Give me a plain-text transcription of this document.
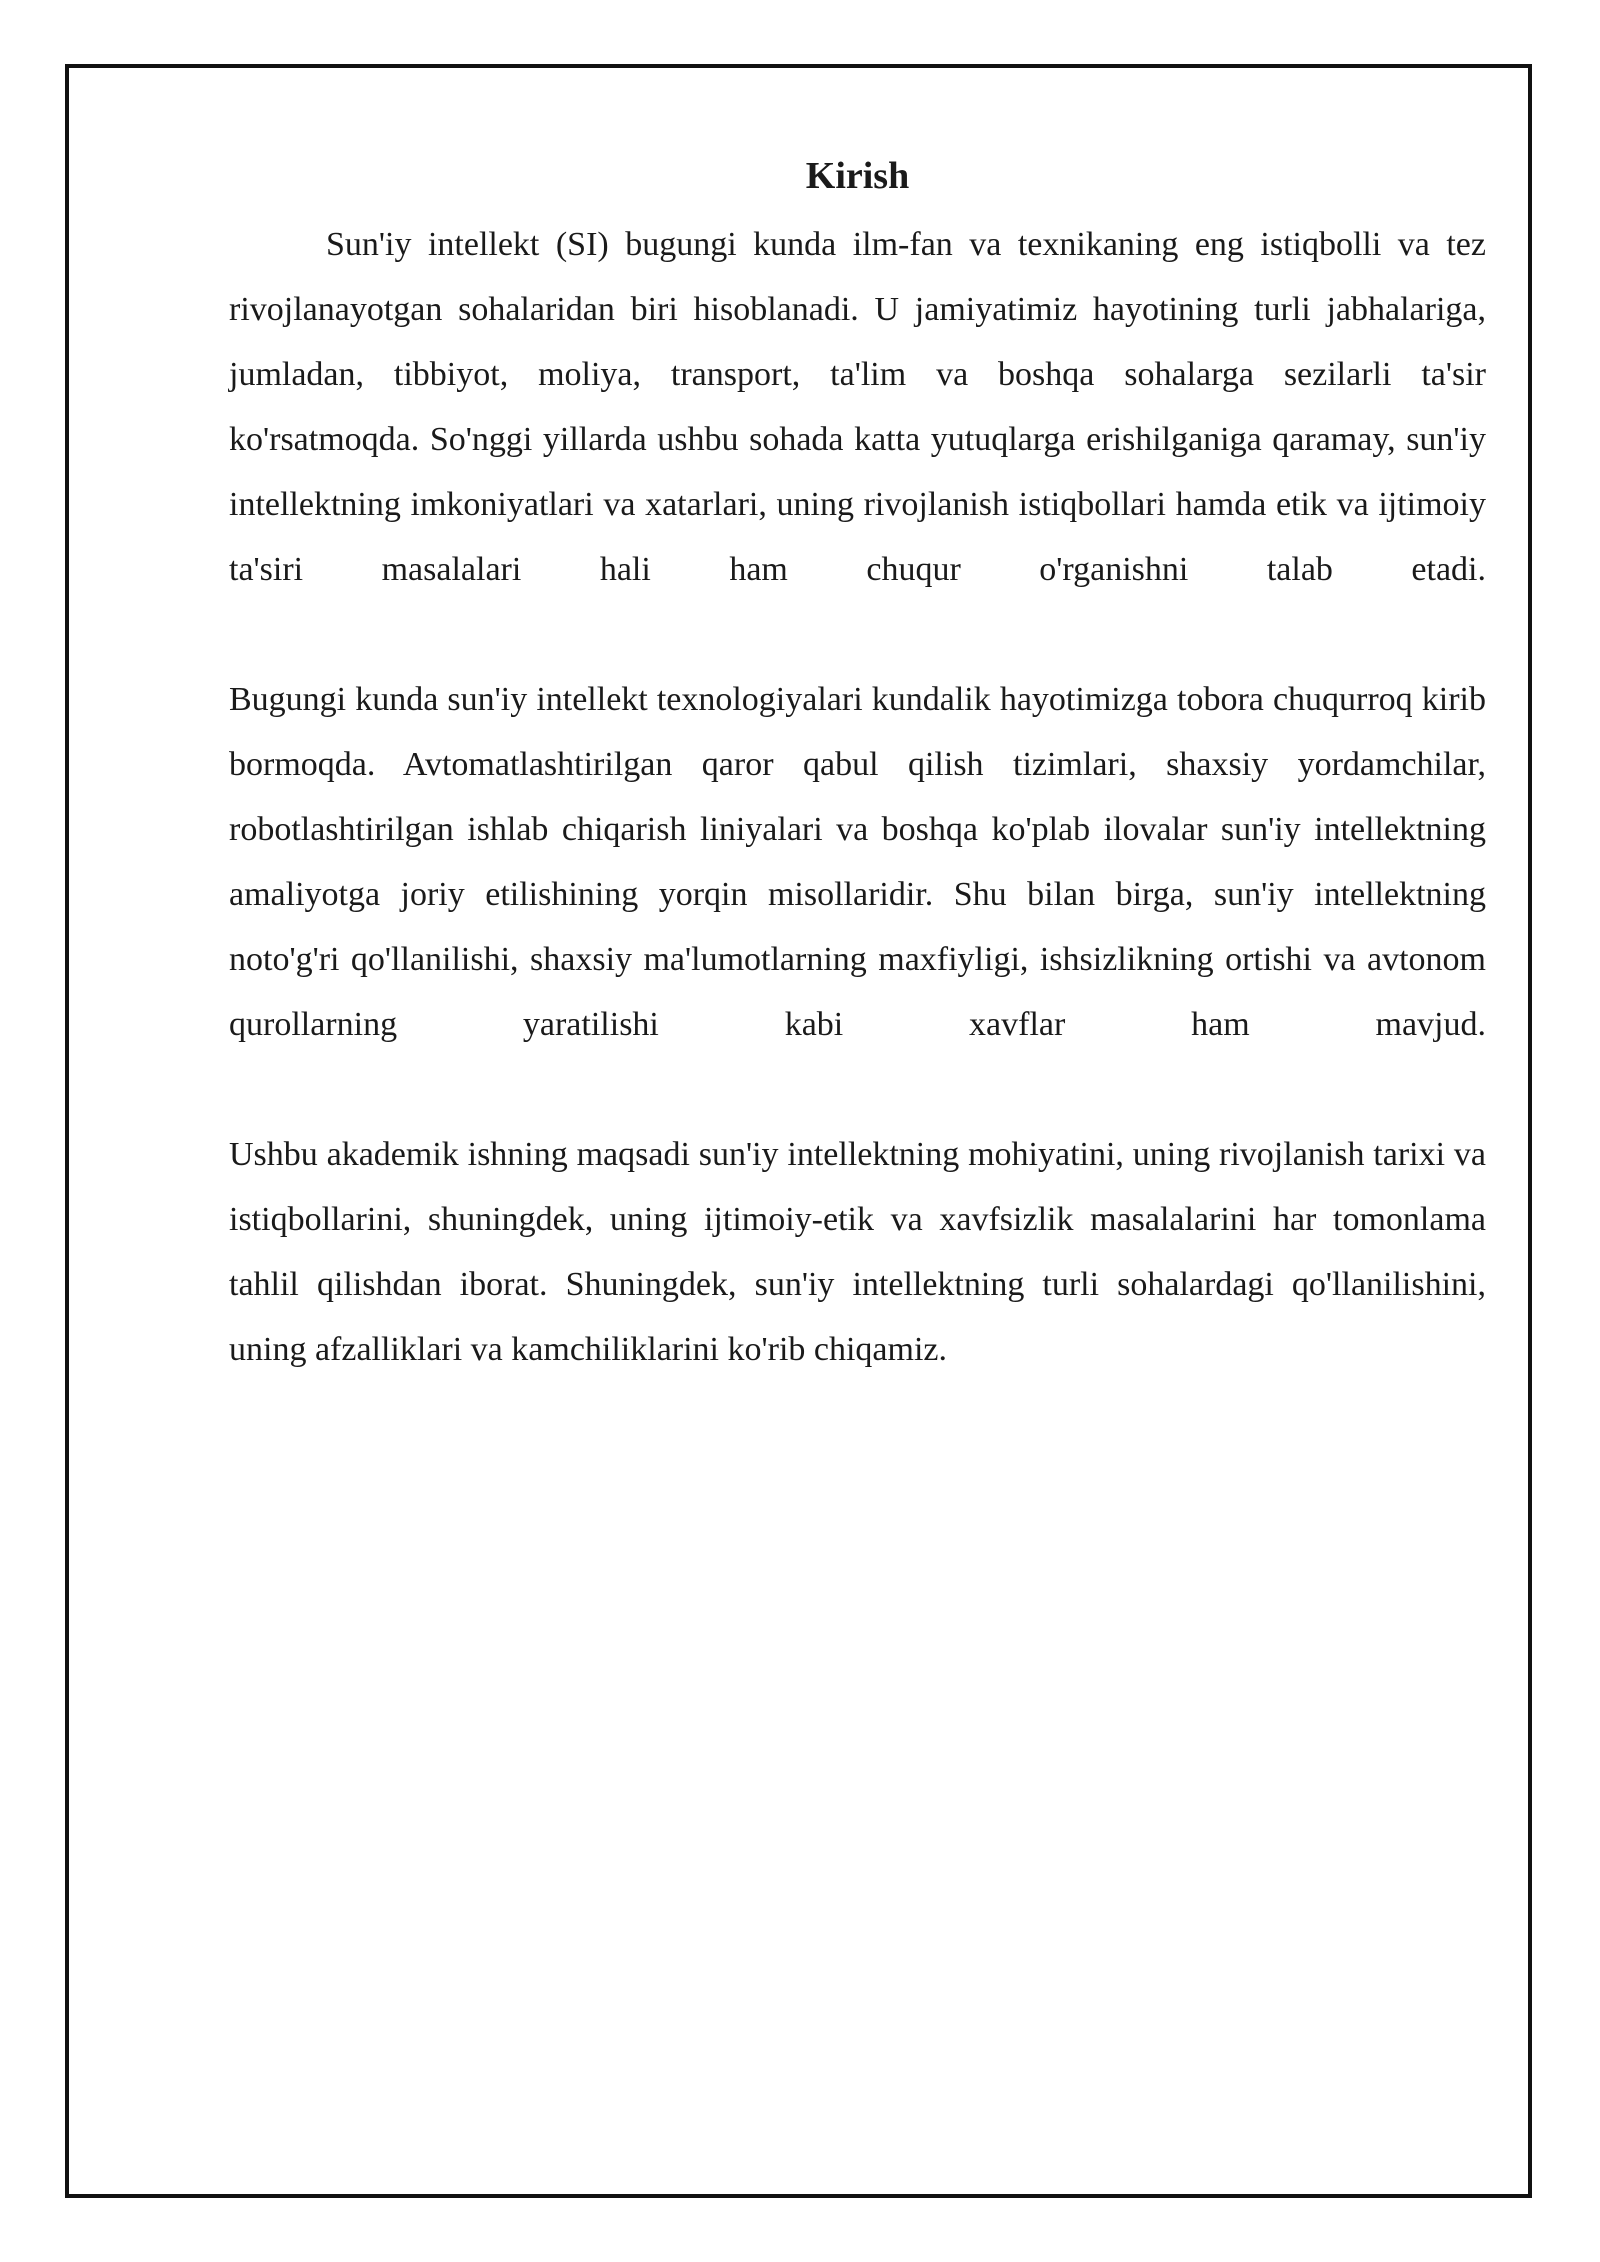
Kirish

Sun'iy intellekt (SI) bugungi kunda ilm-fan va texnikaning eng istiqbolli va tez rivojlanayotgan sohalaridan biri hisoblanadi. U jamiyatimiz hayotining turli jabhalariga, jumladan, tibbiyot, moliya, transport, ta'lim va boshqa sohalarga sezilarli ta'sir ko'rsatmoqda. So'nggi yillarda ushbu sohada katta yutuqlarga erishilganiga qaramay, sun'iy intellektning imkoniyatlari va xatarlari, uning rivojlanish istiqbollari hamda etik va ijtimoiy ta'siri masalalari hali ham chuqur o'rganishni talab etadi.

Bugungi kunda sun'iy intellekt texnologiyalari kundalik hayotimizga tobora chuqurroq kirib bormoqda. Avtomatlashtirilgan qaror qabul qilish tizimlari, shaxsiy yordamchilar, robotlashtirilgan ishlab chiqarish liniyalari va boshqa ko'plab ilovalar sun'iy intellektning amaliyotga joriy etilishining yorqin misollaridir. Shu bilan birga, sun'iy intellektning noto'g'ri qo'llanilishi, shaxsiy ma'lumotlarning maxfiyligi, ishsizlikning ortishi va avtonom qurollarning yaratilishi kabi xavflar ham mavjud.

Ushbu akademik ishning maqsadi sun'iy intellektning mohiyatini, uning rivojlanish tarixi va istiqbollarini, shuningdek, uning ijtimoiy-etik va xavfsizlik masalalarini har tomonlama tahlil qilishdan iborat. Shuningdek, sun'iy intellektning turli sohalardagi qo'llanilishini, uning afzalliklari va kamchiliklarini ko'rib chiqamiz.
